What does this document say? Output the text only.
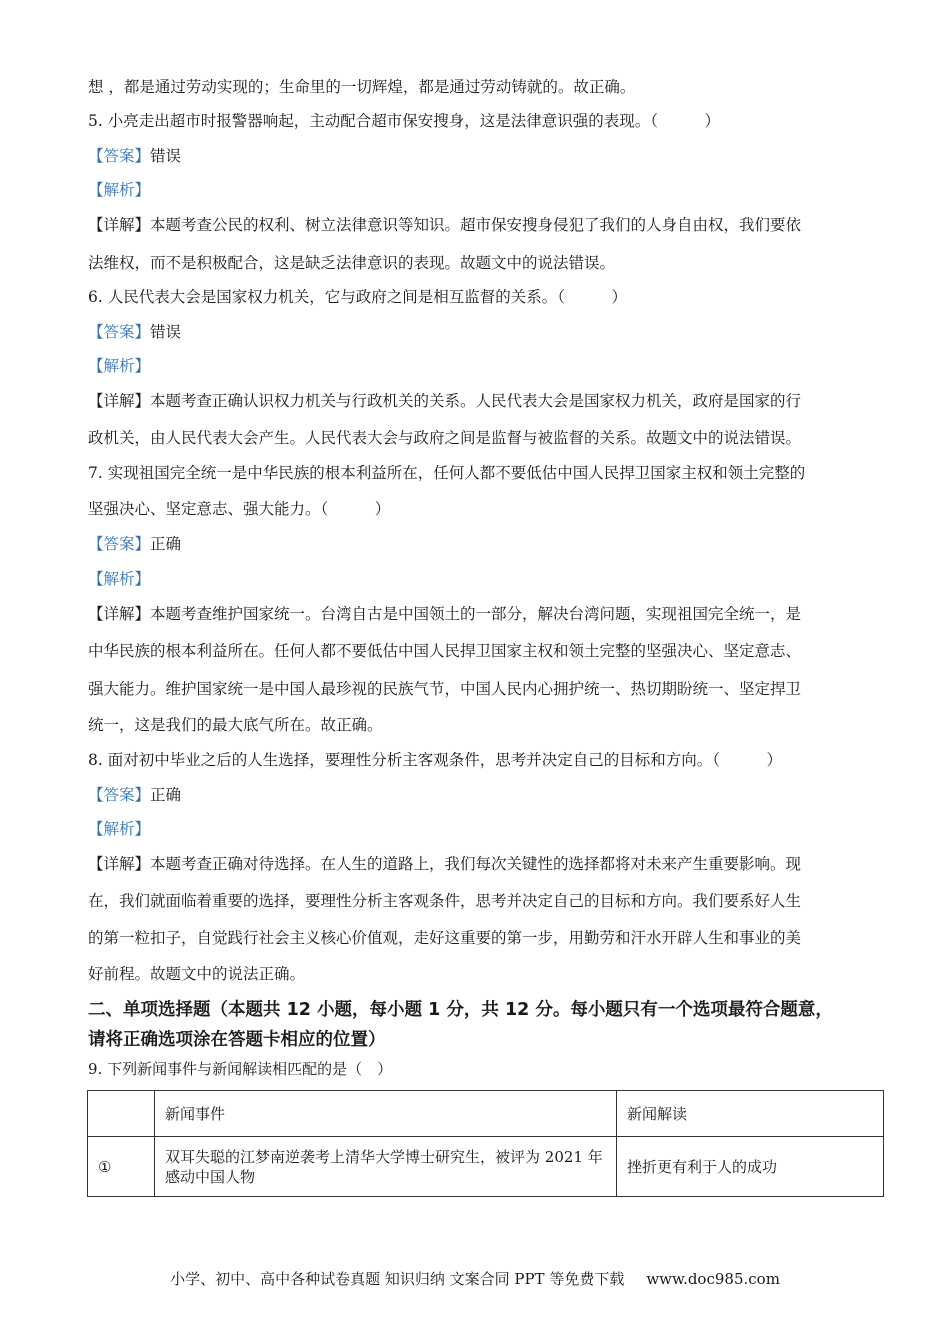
想 ，都是通过劳动实现的；生命里的一切辉煌，都是通过劳动铸就的。故正确。
5. 小亮走出超市时报警器响起，主动配合超市保安搜身，这是法律意识强的表现。（　　　）
【答案】错误
【解析】
【详解】本题考查公民的权利、树立法律意识等知识。超市保安搜身侵犯了我们的人身自由权，我们要依
法维权，而不是积极配合，这是缺乏法律意识的表现。故题文中的说法错误。
6. 人民代表大会是国家权力机关，它与政府之间是相互监督的关系。（　　　）
【答案】错误
【解析】
【详解】本题考查正确认识权力机关与行政机关的关系。人民代表大会是国家权力机关，政府是国家的行
政机关，由人民代表大会产生。人民代表大会与政府之间是监督与被监督的关系。故题文中的说法错误。
7. 实现祖国完全统一是中华民族的根本利益所在，任何人都不要低估中国人民捍卫国家主权和领土完整的
坚强决心、坚定意志、强大能力。（　　　）
【答案】正确
【解析】
【详解】本题考查维护国家统一。台湾自古是中国领土的一部分，解决台湾问题，实现祖国完全统一，是
中华民族的根本利益所在。任何人都不要低估中国人民捍卫国家主权和领土完整的坚强决心、坚定意志、
强大能力。维护国家统一是中国人最珍视的民族气节，中国人民内心拥护统一、热切期盼统一、坚定捍卫
统一，这是我们的最大底气所在。故正确。
8. 面对初中毕业之后的人生选择，要理性分析主客观条件，思考并决定自己的目标和方向。（　　　）
【答案】正确
【解析】
【详解】本题考查正确对待选择。在人生的道路上，我们每次关键性的选择都将对未来产生重要影响。现
在，我们就面临着重要的选择，要理性分析主客观条件，思考并决定自己的目标和方向。我们要系好人生
的第一粒扣子，自觉践行社会主义核心价值观，走好这重要的第一步，用勤劳和汗水开辟人生和事业的美
好前程。故题文中的说法正确。
二、单项选择题（本题共 12 小题，每小题 1 分，共 12 分。每小题只有一个选项最符合题意，
请将正确选项涂在答题卡相应的位置）
9. 下列新闻事件与新闻解读相匹配的是（　）
	新闻事件	新闻解读
①	双耳失聪的江梦南逆袭考上清华大学博士研究生，被评为 2021 年感动中国人物	挫折更有利于人的成功
小学、初中、高中各种试卷真题 知识归纳 文案合同 PPT 等免费下载 www.doc985.com
